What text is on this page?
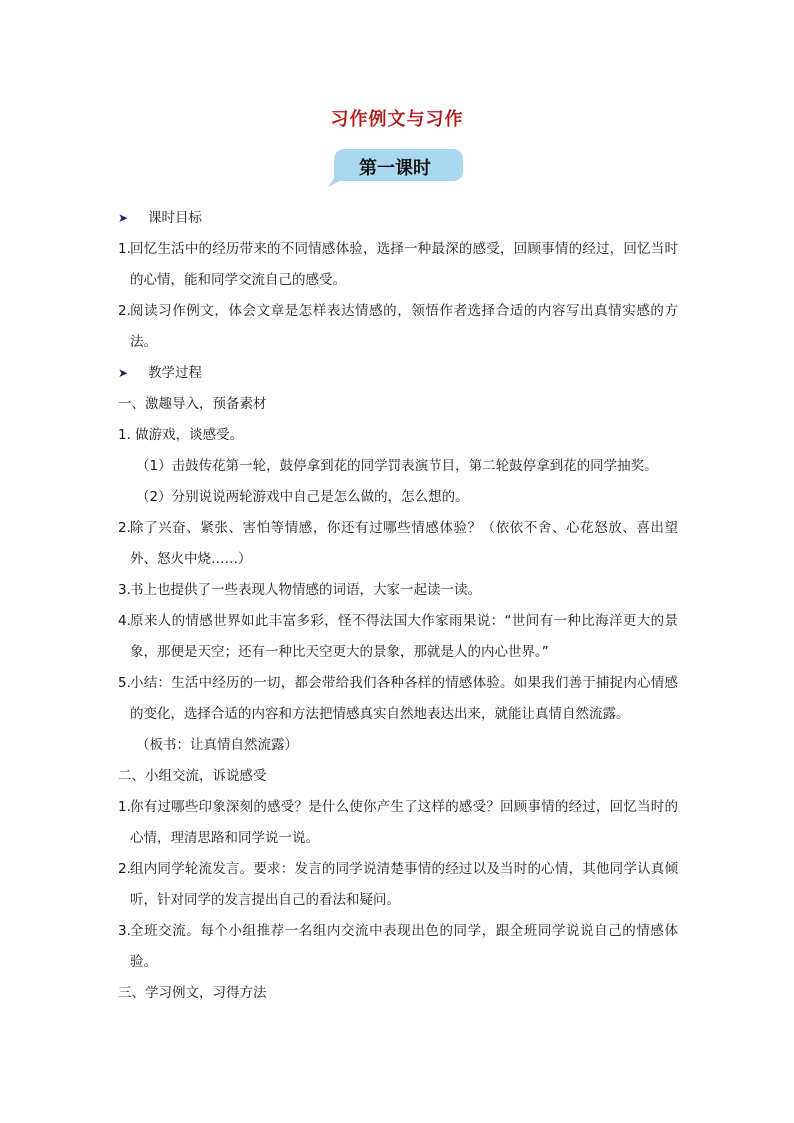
习作例文与习作
第一课时
➤ 课时目标
1. 回忆生活中的经历带来的不同情感体验，选择一种最深的感受，回顾事情的经过，回忆当时的心情，能和同学交流自己的感受。
2. 阅读习作例文，体会文章是怎样表达情感的，领悟作者选择合适的内容写出真情实感的方法。
➤ 教学过程
一、激趣导入，预备素材
1. 做游戏，谈感受。
（1）击鼓传花第一轮，鼓停拿到花的同学罚表演节目，第二轮鼓停拿到花的同学抽奖。
（2）分别说说两轮游戏中自己是怎么做的，怎么想的。
2. 除了兴奋、紧张、害怕等情感，你还有过哪些情感体验？（依依不舍、心花怒放、喜出望外、怒火中烧……）
3. 书上也提供了一些表现人物情感的词语，大家一起读一读。
4. 原来人的情感世界如此丰富多彩，怪不得法国大作家雨果说：“世间有一种比海洋更大的景象，那便是天空；还有一种比天空更大的景象，那就是人的内心世界。”
5. 小结：生活中经历的一切，都会带给我们各种各样的情感体验。如果我们善于捕捉内心情感的变化，选择合适的内容和方法把情感真实自然地表达出来，就能让真情自然流露。
（板书：让真情自然流露）
二、小组交流，诉说感受
1. 你有过哪些印象深刻的感受？是什么使你产生了这样的感受？回顾事情的经过，回忆当时的心情，理清思路和同学说一说。
2. 组内同学轮流发言。要求：发言的同学说清楚事情的经过以及当时的心情，其他同学认真倾听，针对同学的发言提出自己的看法和疑问。
3. 全班交流。每个小组推荐一名组内交流中表现出色的同学，跟全班同学说说自己的情感体验。
三、学习例文，习得方法
